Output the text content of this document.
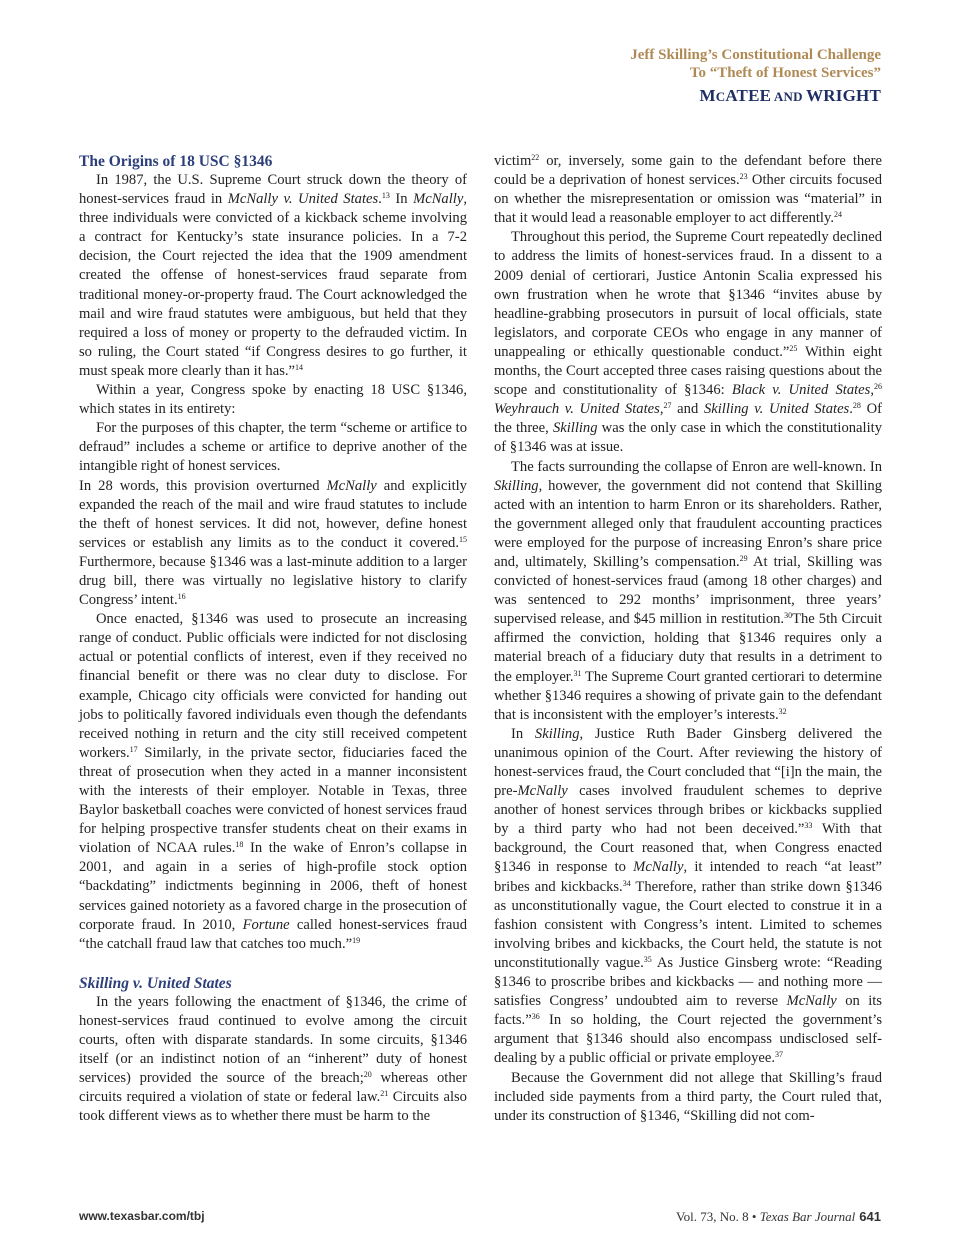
Jeff Skilling’s Constitutional Challenge
To “Theft of Honest Services”
MCATEE AND WRIGHT
The Origins of 18 USC §1346

In 1987, the U.S. Supreme Court struck down the theory of honest-services fraud in McNally v. United States.$^{13}$ In McNally, three individuals were convicted of a kickback scheme involving a contract for Kentucky’s state insurance policies. In a 7-2 decision, the Court rejected the idea that the 1909 amendment created the offense of honest-services fraud separate from traditional money-or-property fraud. The Court acknowledged the mail and wire fraud statutes were ambiguous, but held that they required a loss of money or property to the defrauded victim. In so ruling, the Court stated “if Congress desires to go further, it must speak more clearly than it has.”$^{14}$

Within a year, Congress spoke by enacting 18 USC §1346, which states in its entirety:

For the purposes of this chapter, the term “scheme or artifice to defraud” includes a scheme or artifice to deprive another of the intangible right of honest services.

In 28 words, this provision overturned McNally and explicitly expanded the reach of the mail and wire fraud statutes to include the theft of honest services. It did not, however, define honest services or establish any limits as to the conduct it covered.$^{15}$ Furthermore, because §1346 was a last-minute addition to a larger drug bill, there was virtually no legislative history to clarify Congress’ intent.$^{16}$

Once enacted, §1346 was used to prosecute an increasing range of conduct. Public officials were indicted for not disclosing actual or potential conflicts of interest, even if they received no financial benefit or there was no clear duty to disclose. For example, Chicago city officials were convicted for handing out jobs to politically favored individuals even though the defendants received nothing in return and the city still received competent workers.$^{17}$ Similarly, in the private sector, fiduciaries faced the threat of prosecution when they acted in a manner inconsistent with the interests of their employer. Notable in Texas, three Baylor basketball coaches were convicted of honest services fraud for helping prospective transfer students cheat on their exams in violation of NCAA rules.$^{18}$ In the wake of Enron’s collapse in 2001, and again in a series of high-profile stock option “backdating” indictments beginning in 2006, theft of honest services gained notoriety as a favored charge in the prosecution of corporate fraud. In 2010, Fortune called honest-services fraud “the catchall fraud law that catches too much.”$^{19}$

Skilling v. United States

In the years following the enactment of §1346, the crime of honest-services fraud continued to evolve among the circuit courts, often with disparate standards. In some circuits, §1346 itself (or an indistinct notion of an “inherent” duty of honest services) provided the source of the breach;$^{20}$ whereas other circuits required a violation of state or federal law.$^{21}$ Circuits also took different views as to whether there must be harm to the

victim$^{22}$ or, inversely, some gain to the defendant before there could be a deprivation of honest services.$^{23}$ Other circuits focused on whether the misrepresentation or omission was “material” in that it would lead a reasonable employer to act differently.$^{24}$

Throughout this period, the Supreme Court repeatedly declined to address the limits of honest-services fraud. In a dissent to a 2009 denial of certiorari, Justice Antonin Scalia expressed his own frustration when he wrote that §1346 “invites abuse by headline-grabbing prosecutors in pursuit of local officials, state legislators, and corporate CEOs who engage in any manner of unappealing or ethically questionable conduct.”$^{25}$ Within eight months, the Court accepted three cases raising questions about the scope and constitutionality of §1346: Black v. United States,$^{26}$ Weyhrauch v. United States,$^{27}$ and Skilling v. United States.$^{28}$ Of the three, Skilling was the only case in which the constitutionality of §1346 was at issue.

The facts surrounding the collapse of Enron are well-known. In Skilling, however, the government did not contend that Skilling acted with an intention to harm Enron or its shareholders. Rather, the government alleged only that fraudulent accounting practices were employed for the purpose of increasing Enron’s share price and, ultimately, Skilling’s compensation.$^{29}$ At trial, Skilling was convicted of honest-services fraud (among 18 other charges) and was sentenced to 292 months’ imprisonment, three years’ supervised release, and $45 million in restitution.$^{30}$The 5th Circuit affirmed the conviction, holding that §1346 requires only a material breach of a fiduciary duty that results in a detriment to the employer.$^{31}$ The Supreme Court granted certiorari to determine whether §1346 requires a showing of private gain to the defendant that is inconsistent with the employer’s interests.$^{32}$

In Skilling, Justice Ruth Bader Ginsberg delivered the unanimous opinion of the Court. After reviewing the history of honest-services fraud, the Court concluded that “[i]n the main, the pre-McNally cases involved fraudulent schemes to deprive another of honest services through bribes or kickbacks supplied by a third party who had not been deceived.”$^{33}$ With that background, the Court reasoned that, when Congress enacted §1346 in response to McNally, it intended to reach “at least” bribes and kickbacks.$^{34}$ Therefore, rather than strike down §1346 as unconstitutionally vague, the Court elected to construe it in a fashion consistent with Congress’s intent. Limited to schemes involving bribes and kickbacks, the Court held, the statute is not unconstitutionally vague.$^{35}$ As Justice Ginsberg wrote: “Reading §1346 to proscribe bribes and kickbacks — and nothing more — satisfies Congress’ undoubted aim to reverse McNally on its facts.”$^{36}$ In so holding, the Court rejected the government’s argument that §1346 should also encompass undisclosed self-dealing by a public official or private employee.$^{37}$

Because the Government did not allege that Skilling’s fraud included side payments from a third party, the Court ruled that, under its construction of §1346, “Skilling did not com-

www.texasbar.com/tbj	Vol. 73, No. 8 • Texas Bar Journal 641
